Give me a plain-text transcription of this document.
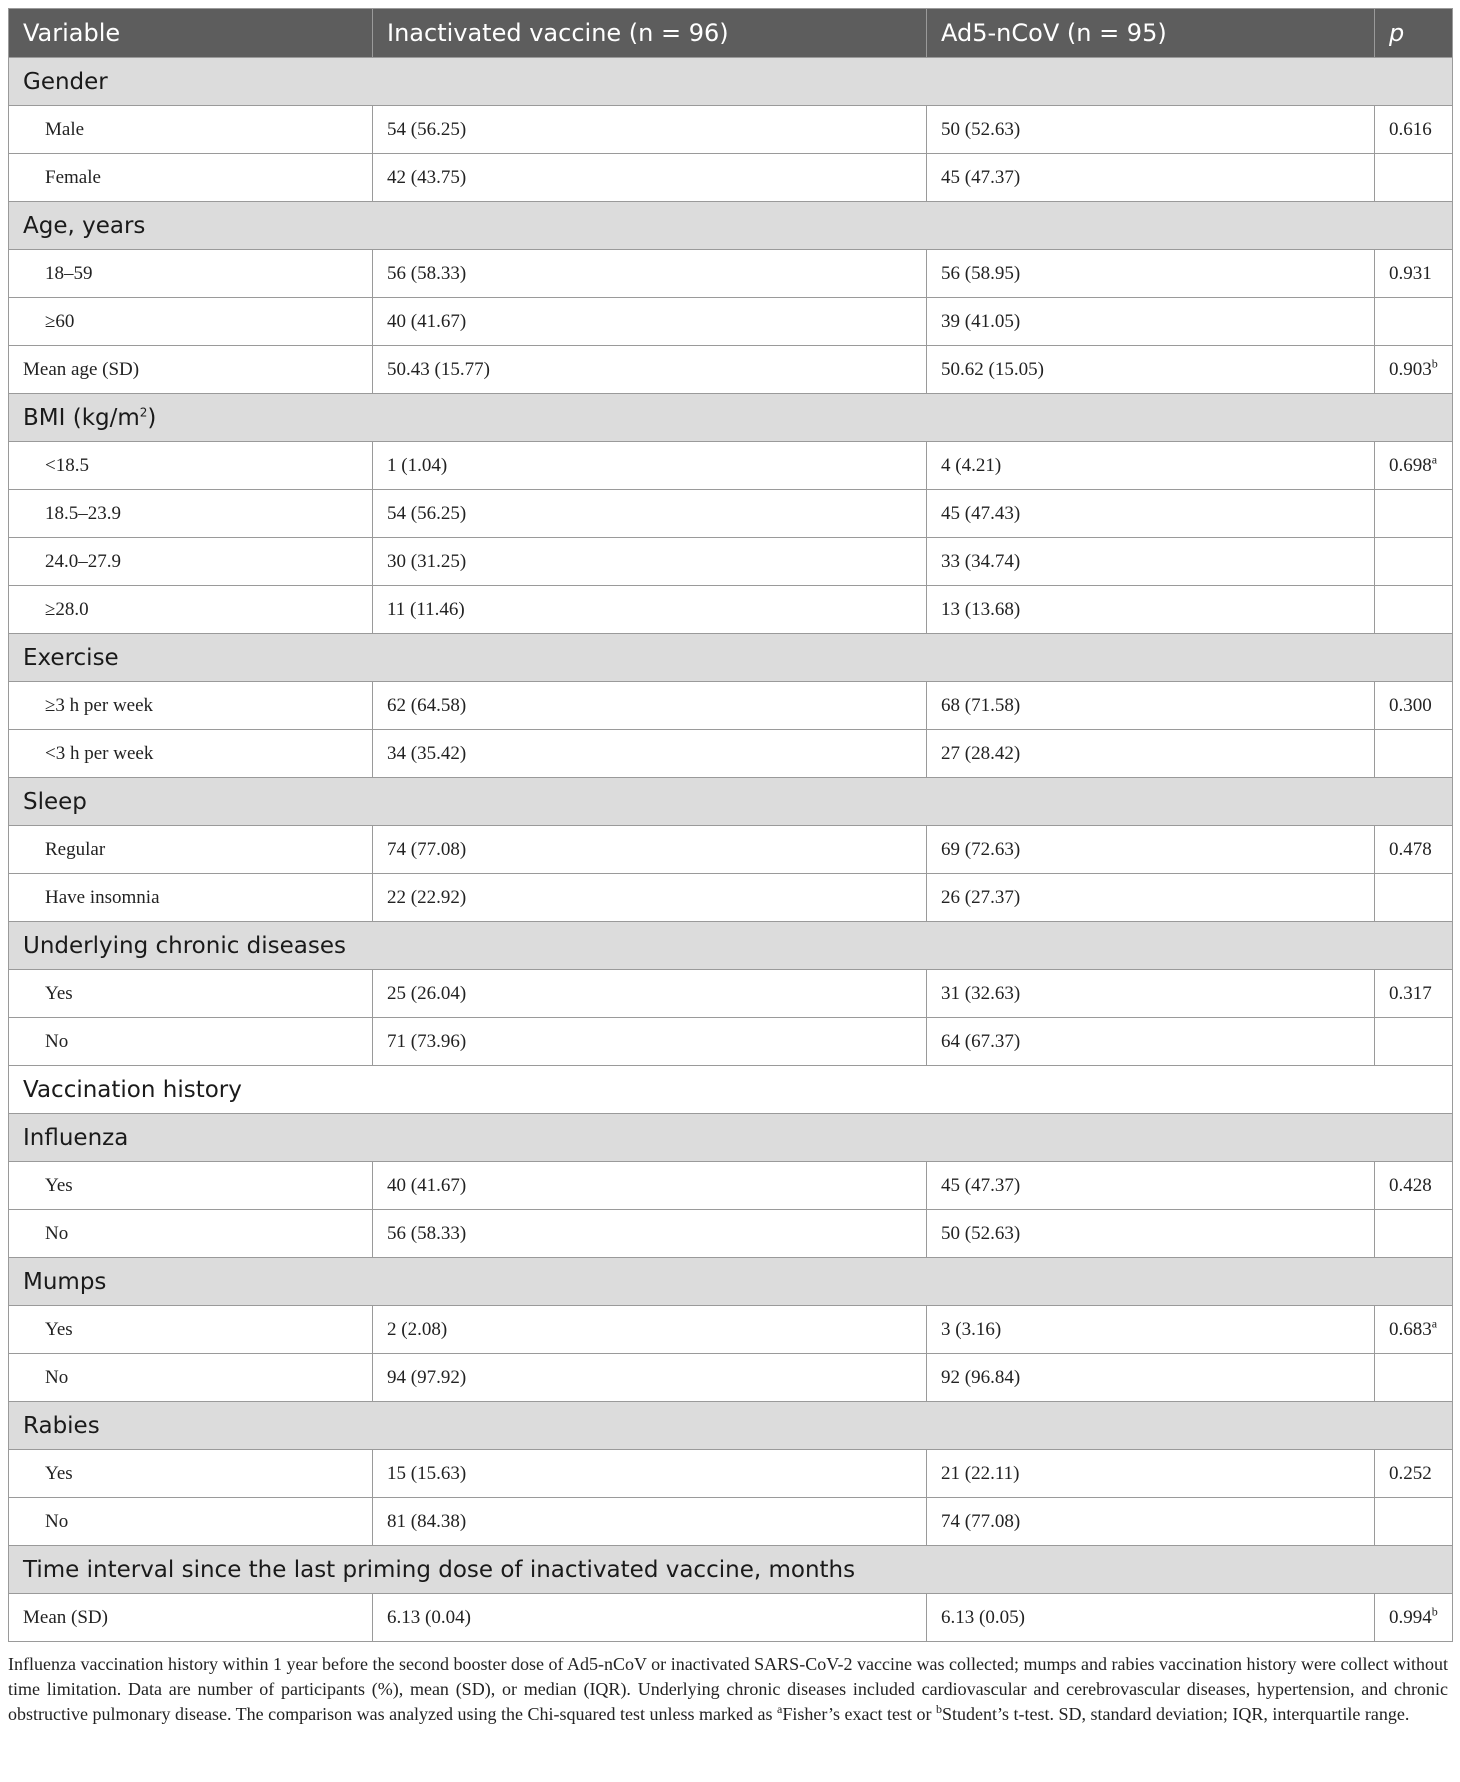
Variable	Inactivated vaccine (n = 96)	Ad5-nCoV (n = 95)	p
Gender			
Male	54 (56.25)	50 (52.63)	0.616
Female	42 (43.75)	45 (47.37)	
Age, years			
18–59	56 (58.33)	56 (58.95)	0.931
≥60	40 (41.67)	39 (41.05)	
Mean age (SD)	50.43 (15.77)	50.62 (15.05)	0.903$^b$
BMI $(kg/m^2)$			
<18.5	1 (1.04)	4 (4.21)	0.698$^a$
18.5–23.9	54 (56.25)	45 (47.43)	
24.0–27.9	30 (31.25)	33 (34.74)	
≥28.0	11 (11.46)	13 (13.68)	
Exercise			
≥3 h per week	62 (64.58)	68 (71.58)	0.300
<3 h per week	34 (35.42)	27 (28.42)	
Sleep			
Regular	74 (77.08)	69 (72.63)	0.478
Have insomnia	22 (22.92)	26 (27.37)	
Underlying chronic diseases			
Yes	25 (26.04)	31 (32.63)	0.317
No	71 (73.96)	64 (67.37)	
Vaccination history			
Influenza			
Yes	40 (41.67)	45 (47.37)	0.428
No	56 (58.33)	50 (52.63)	
Mumps			
Yes	2 (2.08)	3 (3.16)	0.683$^a$
No	94 (97.92)	92 (96.84)	
Rabies			
Yes	15 (15.63)	21 (22.11)	0.252
No	81 (84.38)	74 (77.08)	
Time interval since the last priming dose of inactivated vaccine, months			
Mean (SD)	6.13 (0.04)	6.13 (0.05)	0.994$^b$
Influenza vaccination history within 1 year before the second booster dose of Ad5-nCoV or inactivated SARS-CoV-2 vaccine was collected; mumps and rabies vaccination history were collect without time limitation. Data are number of participants (%), mean (SD), or median (IQR). Underlying chronic diseases included cardiovascular and cerebrovascular diseases, hypertension, and chronic obstructive pulmonary disease. The comparison was analyzed using the Chi-squared test unless marked as $^a$Fisher’s exact test or $^b$Student’s t-test. SD, standard deviation; IQR, interquartile range.
